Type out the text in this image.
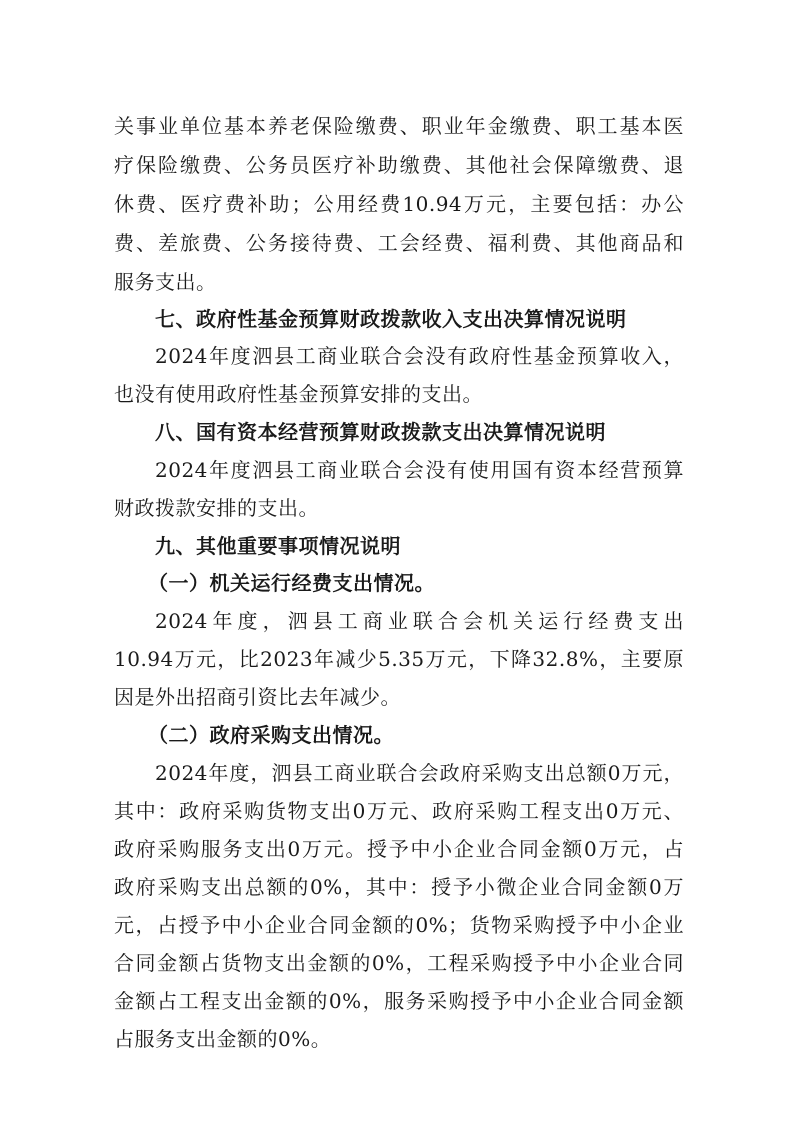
关事业单位基本养老保险缴费、职业年金缴费、职工基本医
疗保险缴费、公务员医疗补助缴费、其他社会保障缴费、退
休费、医疗费补助；公用经费10.94万元，主要包括：办公
费、差旅费、公务接待费、工会经费、福利费、其他商品和
服务支出。
七、政府性基金预算财政拨款收入支出决算情况说明
2024年度泗县工商业联合会没有政府性基金预算收入，
也没有使用政府性基金预算安排的支出。
八、国有资本经营预算财政拨款支出决算情况说明
2024年度泗县工商业联合会没有使用国有资本经营预算
财政拨款安排的支出。
九、其他重要事项情况说明
（一）机关运行经费支出情况。
2024年度，泗县工商业联合会机关运行经费支出
10.94万元，比2023年减少5.35万元，下降32.8%，主要原
因是外出招商引资比去年减少。
（二）政府采购支出情况。
2024年度，泗县工商业联合会政府采购支出总额0万元，
其中：政府采购货物支出0万元、政府采购工程支出0万元、
政府采购服务支出0万元。授予中小企业合同金额0万元，占
政府采购支出总额的0%，其中：授予小微企业合同金额0万
元，占授予中小企业合同金额的0%；货物采购授予中小企业
合同金额占货物支出金额的0%，工程采购授予中小企业合同
金额占工程支出金额的0%，服务采购授予中小企业合同金额
占服务支出金额的0%。
